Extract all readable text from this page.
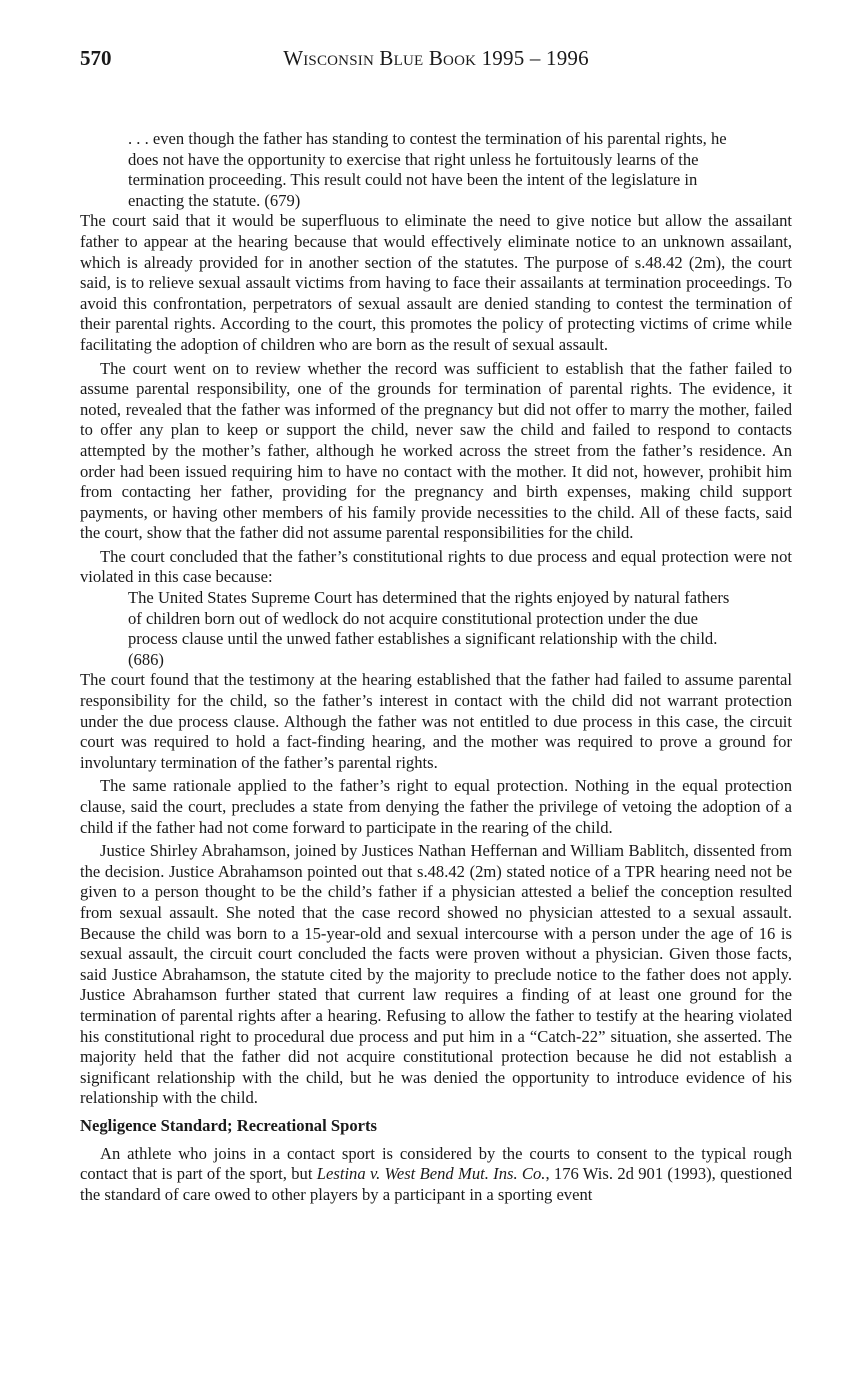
570	Wisconsin Blue Book 1995 – 1996

. . . even though the father has standing to contest the termination of his parental rights, he does not have the opportunity to exercise that right unless he fortuitously learns of the termination proceeding. This result could not have been the intent of the legislature in enacting the statute. (679)

The court said that it would be superfluous to eliminate the need to give notice but allow the assailant father to appear at the hearing because that would effectively eliminate notice to an unknown assailant, which is already provided for in another section of the statutes. The purpose of s.48.42 (2m), the court said, is to relieve sexual assault victims from having to face their assailants at termination proceedings. To avoid this confrontation, perpetrators of sexual assault are denied standing to contest the termination of their parental rights. According to the court, this promotes the policy of protecting victims of crime while facilitating the adoption of children who are born as the result of sexual assault.

The court went on to review whether the record was sufficient to establish that the father failed to assume parental responsibility, one of the grounds for termination of parental rights. The evidence, it noted, revealed that the father was informed of the pregnancy but did not offer to marry the mother, failed to offer any plan to keep or support the child, never saw the child and failed to respond to contacts attempted by the mother’s father, although he worked across the street from the father’s residence. An order had been issued requiring him to have no contact with the mother. It did not, however, prohibit him from contacting her father, providing for the pregnancy and birth expenses, making child support payments, or having other members of his family provide necessities to the child. All of these facts, said the court, show that the father did not assume parental responsibilities for the child.

The court concluded that the father’s constitutional rights to due process and equal protection were not violated in this case because:

The United States Supreme Court has determined that the rights enjoyed by natural fathers of children born out of wedlock do not acquire constitutional protection under the due process clause until the unwed father establishes a significant relationship with the child. (686)

The court found that the testimony at the hearing established that the father had failed to assume parental responsibility for the child, so the father’s interest in contact with the child did not warrant protection under the due process clause. Although the father was not entitled to due process in this case, the circuit court was required to hold a fact-finding hearing, and the mother was required to prove a ground for involuntary termination of the father’s parental rights.

The same rationale applied to the father’s right to equal protection. Nothing in the equal protection clause, said the court, precludes a state from denying the father the privilege of vetoing the adoption of a child if the father had not come forward to participate in the rearing of the child.

Justice Shirley Abrahamson, joined by Justices Nathan Heffernan and William Bablitch, dissented from the decision. Justice Abrahamson pointed out that s.48.42 (2m) stated notice of a TPR hearing need not be given to a person thought to be the child’s father if a physician attested a belief the conception resulted from sexual assault. She noted that the case record showed no physician attested to a sexual assault. Because the child was born to a 15-year-old and sexual intercourse with a person under the age of 16 is sexual assault, the circuit court concluded the facts were proven without a physician. Given those facts, said Justice Abrahamson, the statute cited by the majority to preclude notice to the father does not apply. Justice Abrahamson further stated that current law requires a finding of at least one ground for the termination of parental rights after a hearing. Refusing to allow the father to testify at the hearing violated his constitutional right to procedural due process and put him in a “Catch-22” situation, she asserted. The majority held that the father did not acquire constitutional protection because he did not establish a significant relationship with the child, but he was denied the opportunity to introduce evidence of his relationship with the child.

Negligence Standard; Recreational Sports

An athlete who joins in a contact sport is considered by the courts to consent to the typical rough contact that is part of the sport, but Lestina v. West Bend Mut. Ins. Co., 176 Wis. 2d 901 (1993), questioned the standard of care owed to other players by a participant in a sporting event
